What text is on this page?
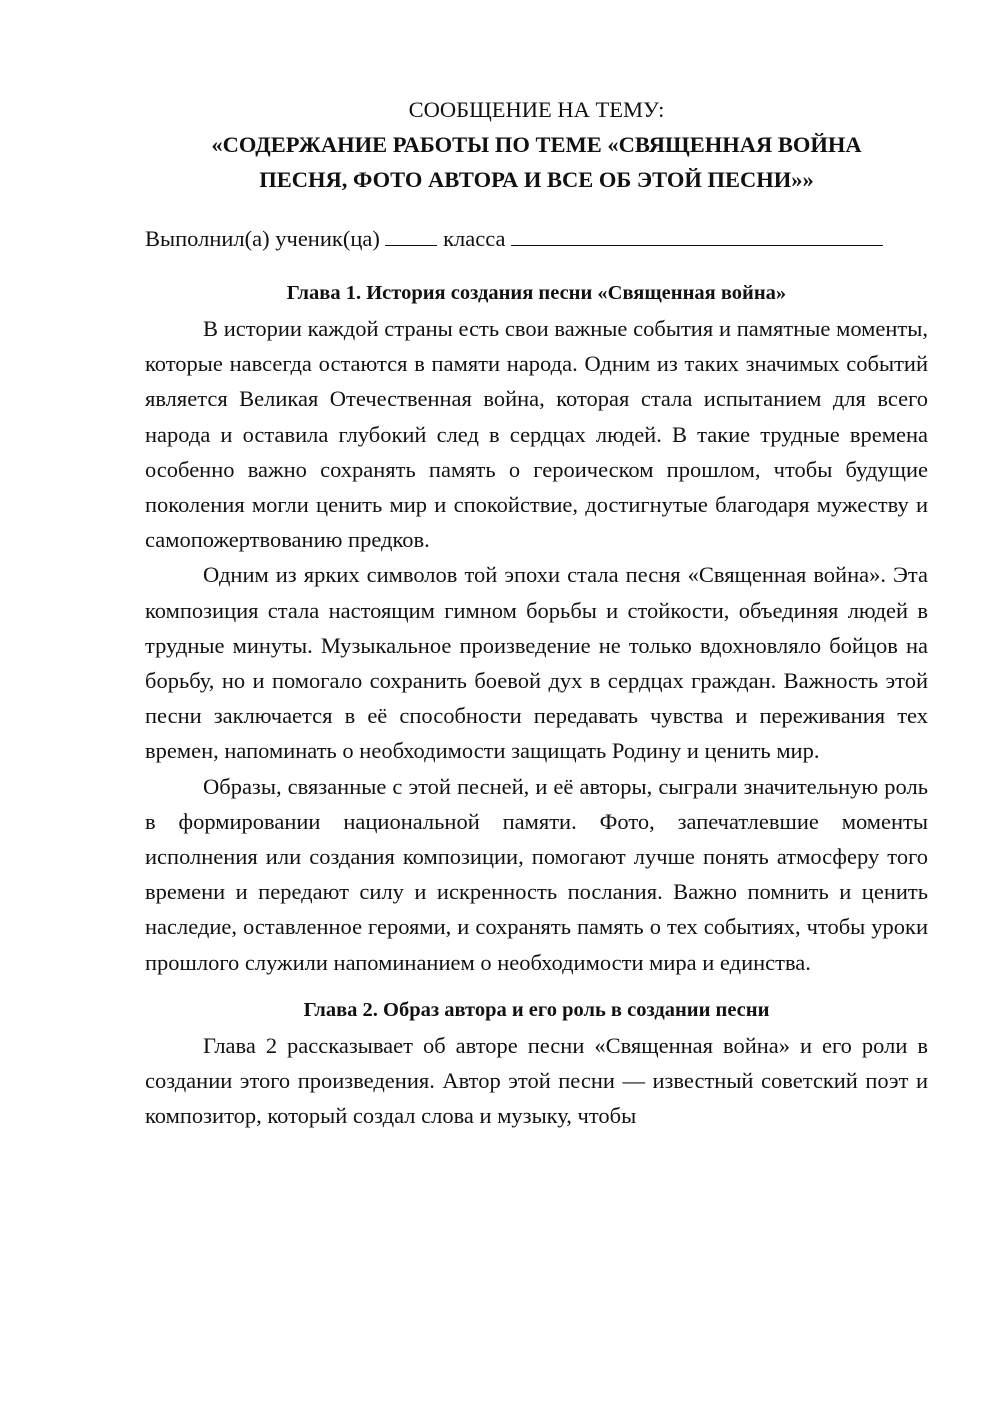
СООБЩЕНИЕ НА ТЕМУ:

«СОДЕРЖАНИЕ РАБОТЫ ПО ТЕМЕ «СВЯЩЕННАЯ ВОЙНА

ПЕСНЯ, ФОТО АВТОРА И ВСЕ ОБ ЭТОЙ ПЕСНИ»»

Выполнил(а) ученик(ца)	класса
Глава 1. История создания песни «Священная война»

В истории каждой страны есть свои важные события и памятные моменты, которые навсегда остаются в памяти народа. Одним из таких значимых событий является Великая Отечественная война, которая стала испытанием для всего народа и оставила глубокий след в сердцах людей. В такие трудные времена особенно важно сохранять память о героическом прошлом, чтобы будущие поколения могли ценить мир и спокойствие, достигнутые благодаря мужеству и самопожертвованию предков.

Одним из ярких символов той эпохи стала песня «Священная война». Эта композиция стала настоящим гимном борьбы и стойкости, объединяя людей в трудные минуты. Музыкальное произведение не только вдохновляло бойцов на борьбу, но и помогало сохранить боевой дух в сердцах граждан. Важность этой песни заключается в её способности передавать чувства и переживания тех времен, напоминать о необходимости защищать Родину и ценить мир.

Образы, связанные с этой песней, и её авторы, сыграли значительную роль в формировании национальной памяти. Фото, запечатлевшие моменты исполнения или создания композиции, помогают лучше понять атмосферу того времени и передают силу и искренность послания. Важно помнить и ценить наследие, оставленное героями, и сохранять память о тех событиях, чтобы уроки прошлого служили напоминанием о необходимости мира и единства.

Глава 2. Образ автора и его роль в создании песни

Глава 2 рассказывает об авторе песни «Священная война» и его роли в создании этого произведения. Автор этой песни — известный советский поэт и композитор, который создал слова и музыку, чтобы
